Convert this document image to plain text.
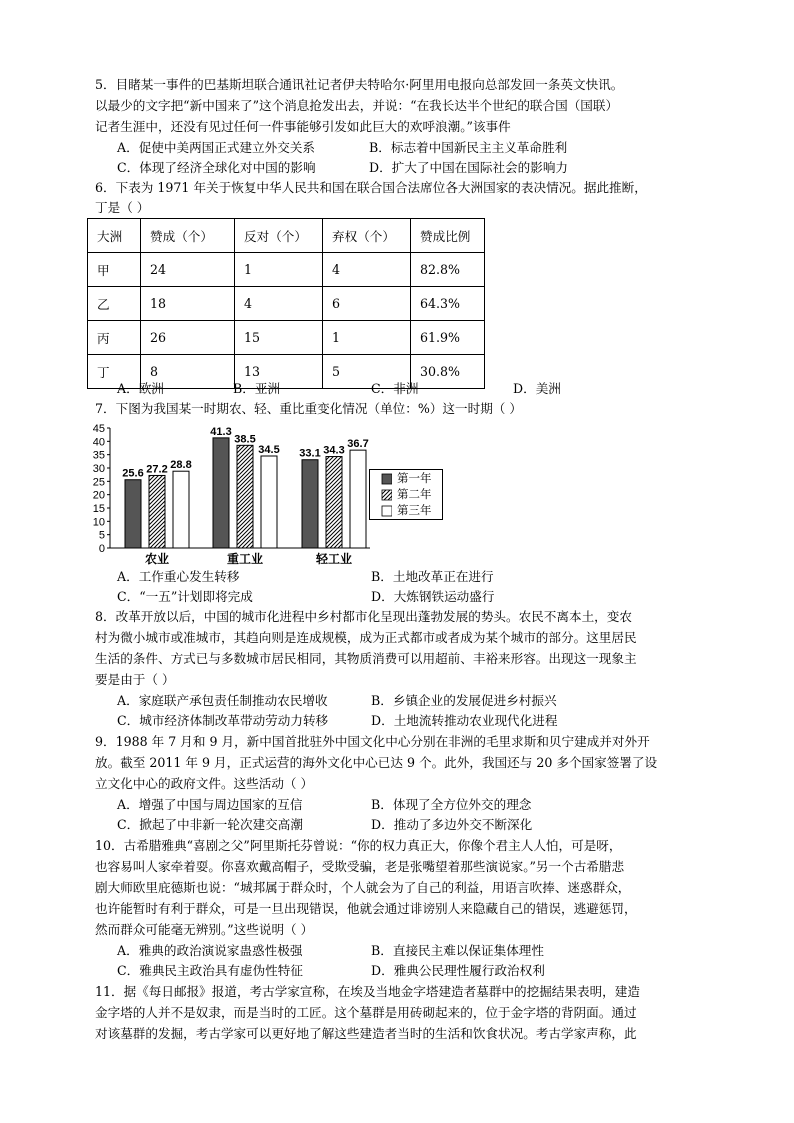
5．目睹某一事件的巴基斯坦联合通讯社记者伊夫特哈尔·阿里用电报向总部发回一条英文快讯。
以最少的文字把“新中国来了”这个消息抢发出去，并说：“在我长达半个世纪的联合国（国联）
记者生涯中，还没有见过任何一件事能够引发如此巨大的欢呼浪潮。”该事件
A．促使中美两国正式建立外交关系	B．标志着中国新民主主义革命胜利
C．体现了经济全球化对中国的影响	D．扩大了中国在国际社会的影响力
6．下表为 1971 年关于恢复中华人民共和国在联合国合法席位各大洲国家的表决情况。据此推断，
丁是（ ）
大洲	赞成（个）	反对（个）	弃权（个）	赞成比例
甲	24	1	4	82.8%
乙	18	4	6	64.3%
丙	26	15	1	61.9%
丁	8	13	5	30.8%
A．欧洲	B．亚洲	C．非洲	D．美洲
7．下图为我国某一时期农、轻、重比重变化情况（单位：%）这一时期（ ）
0
5
10
15
20
25
30
35
40
45
25.6 27.2 28.8
41.3
38.5
34.5 33.1 34.3
36.7
农业	重工业	轻工业
第一年
第二年
第三年
A．工作重心发生转移	B．土地改革正在进行
C．“一五”计划即将完成	D．大炼钢铁运动盛行
8．改革开放以后，中国的城市化进程中乡村都市化呈现出蓬勃发展的势头。农民不离本土，变农
村为微小城市或准城市，其趋向则是连成规模，成为正式都市或者成为某个城市的部分。这里居民
生活的条件、方式已与多数城市居民相同，其物质消费可以用超前、丰裕来形容。出现这一现象主
要是由于（ ）
A．家庭联产承包责任制推动农民增收	B．乡镇企业的发展促进乡村振兴
C．城市经济体制改革带动劳动力转移	D．土地流转推动农业现代化进程
9．1988 年 7 月和 9 月，新中国首批驻外中国文化中心分别在非洲的毛里求斯和贝宁建成并对外开
放。截至 2011 年 9 月，正式运营的海外文化中心已达 9 个。此外，我国还与 20 多个国家签署了设
立文化中心的政府文件。这些活动（ ）
A．增强了中国与周边国家的互信	B．体现了全方位外交的理念
C．掀起了中非新一轮次建交高潮	D．推动了多边外交不断深化
10．古希腊雅典“喜剧之父”阿里斯托芬曾说：“你的权力真正大，你像个君主人人怕，可是呀，
也容易叫人家牵着耍。你喜欢戴高帽子，受欺受骗，老是张嘴望着那些演说家。”另一个古希腊悲
剧大师欧里庇德斯也说：“城邦属于群众时，个人就会为了自己的利益，用语言吹捧、迷惑群众，
也许能暂时有利于群众，可是一旦出现错误，他就会通过诽谤别人来隐藏自己的错误，逃避惩罚，
然而群众可能毫无辨别。”这些说明（ ）
A．雅典的政治演说家蛊惑性极强	B．直接民主难以保证集体理性
C．雅典民主政治具有虚伪性特征	D．雅典公民理性履行政治权利
11．据《每日邮报》报道，考古学家宣称，在埃及当地金字塔建造者墓群中的挖掘结果表明，建造
金字塔的人并不是奴隶，而是当时的工匠。这个墓群是用砖砌起来的，位于金字塔的背阴面。通过
对该墓群的发掘，考古学家可以更好地了解这些建造者当时的生活和饮食状况。考古学家声称，此
